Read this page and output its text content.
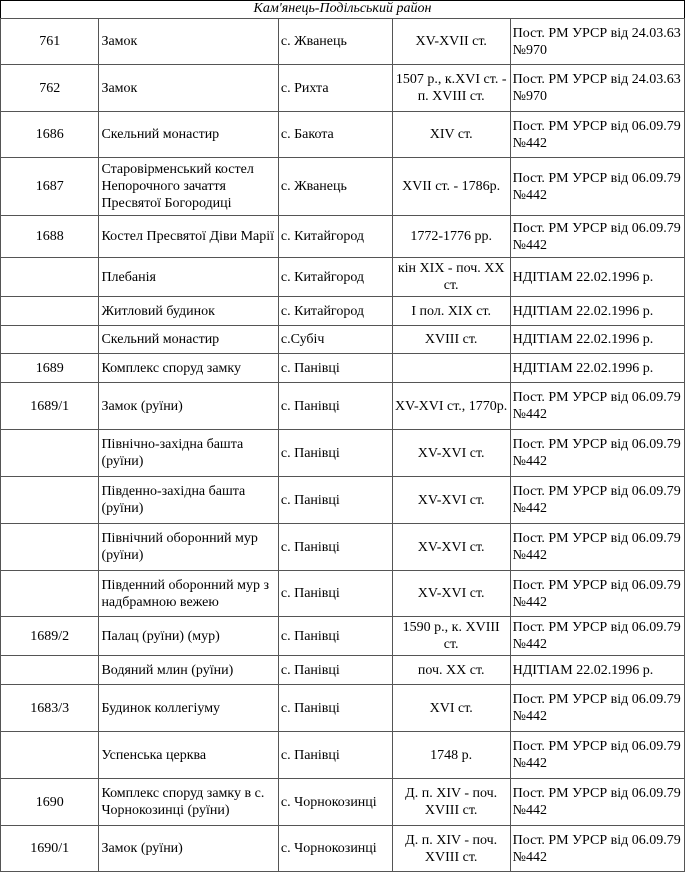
Кам'янець-Подільський район
761	Замок	с. Жванець	XV-XVII ст.	Пост. РМ УРСР від 24.03.63 №970
762	Замок	с. Рихта	1507 р., к.XVI ст. - п. XVIII ст.	Пост. РМ УРСР від 24.03.63 №970
1686	Скельний монастир	с. Бакота	XIV ст.	Пост. РМ УРСР від 06.09.79 №442
1687	Старовірменський костел Непорочного зачаття Пресвятої Богородиці	с. Жванець	XVII ст. - 1786р.	Пост. РМ УРСР від 06.09.79 №442
1688	Костел Пресвятої Діви Марії	с. Китайгород	1772-1776 рр.	Пост. РМ УРСР від 06.09.79 №442
	Плебанія	с. Китайгород	кін XIX - поч. XX ст.	НДІТІАМ 22.02.1996 р.
	Житловий будинок	с. Китайгород	I пол. XIX ст.	НДІТІАМ 22.02.1996 р.
	Скельний монастир	с.Субіч	XVIII ст.	НДІТІАМ 22.02.1996 р.
1689	Комплекс споруд замку	с. Панівці		НДІТІАМ 22.02.1996 р.
1689/1	Замок (руїни)	с. Панівці	XV-XVI ст., 1770р.	Пост. РМ УРСР від 06.09.79 №442
	Північно-західна башта (руїни)	с. Панівці	XV-XVI ст.	Пост. РМ УРСР від 06.09.79 №442
	Південно-західна башта (руїни)	с. Панівці	XV-XVI ст.	Пост. РМ УРСР від 06.09.79 №442
	Північний оборонний мур (руїни)	с. Панівці	XV-XVI ст.	Пост. РМ УРСР від 06.09.79 №442
	Південний оборонний мур з надбрамною вежею	с. Панівці	XV-XVI ст.	Пост. РМ УРСР від 06.09.79 №442
1689/2	Палац (руїни) (мур)	с. Панівці	1590 р., к. XVIII ст.	Пост. РМ УРСР від 06.09.79 №442
	Водяний млин (руїни)	с. Панівці	поч. XX ст.	НДІТІАМ 22.02.1996 р.
1683/3	Будинок коллегіуму	с. Панівці	XVI ст.	Пост. РМ УРСР від 06.09.79 №442
	Успенська церква	с. Панівці	1748 р.	Пост. РМ УРСР від 06.09.79 №442
1690	Комплекс споруд замку в с. Чорнокозинці (руїни)	с. Чорнокозинці	Д. п. XIV - поч. XVIII ст.	Пост. РМ УРСР від 06.09.79 №442
1690/1	Замок (руїни)	с. Чорнокозинці	Д. п. XIV - поч. XVIII ст.	Пост. РМ УРСР від 06.09.79 №442
